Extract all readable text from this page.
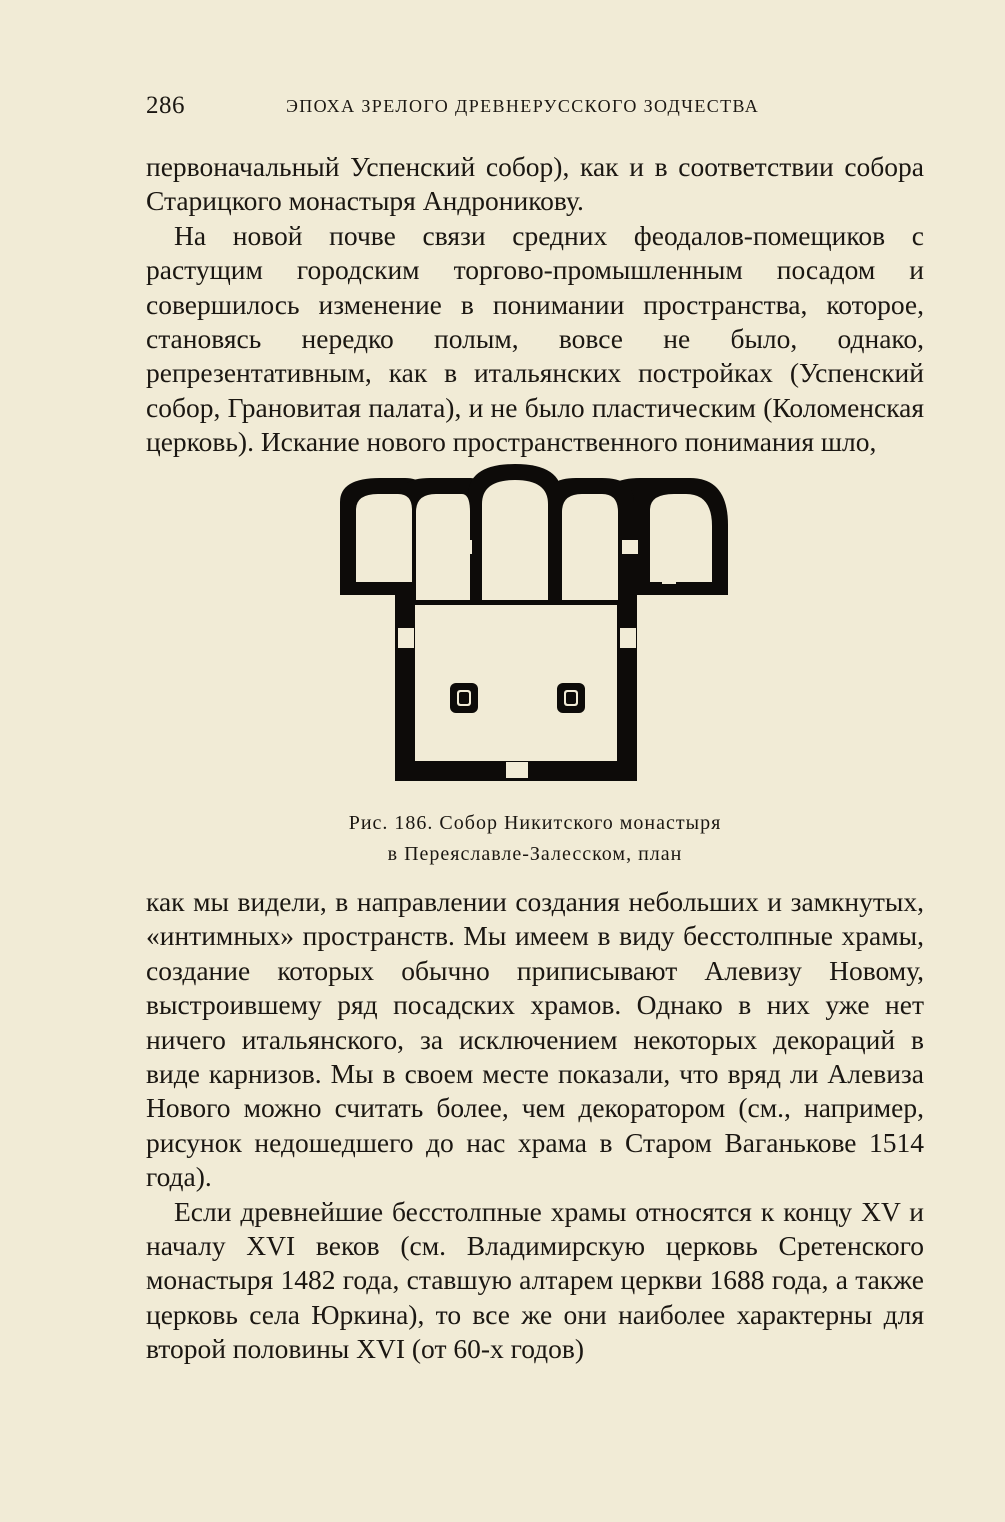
286	ЭПОХА ЗРЕЛОГО ДРЕВНЕРУССКОГО ЗОДЧЕСТВА

первоначальный Успенский собор), как и в соответствии собора Старицкого монастыря Андроникову.

На новой почве связи средних феодалов-помещиков с растущим городским торгово-промышленным посадом и совершилось изменение в понимании пространства, которое, становясь нередко полым, вовсе не было, однако, репрезентативным, как в итальянских постройках (Успенский собор, Грановитая палата), и не было пластическим (Коломенская церковь). Искание нового пространственного понимания шло,

Рис. 186. Собор Никитского монастыря
в Переяславле-Залесском, план

как мы видели, в направлении создания небольших и замкнутых, «интимных» пространств. Мы имеем в виду бесстолпные храмы, создание которых обычно приписывают Алевизу Новому, выстроившему ряд посадских храмов. Однако в них уже нет ничего итальянского, за исключением некоторых декораций в виде карнизов. Мы в своем месте показали, что вряд ли Алевиза Нового можно считать более, чем декоратором (см., например, рисунок недошедшего до нас храма в Старом Ваганькове 1514 года).

Если древнейшие бесстолпные храмы относятся к концу XV и началу XVI веков (см. Владимирскую церковь Сретенского монастыря 1482 года, ставшую алтарем церкви 1688 года, а также церковь села Юркина), то все же они наиболее характерны для второй половины XVI (от 60-х годов)
